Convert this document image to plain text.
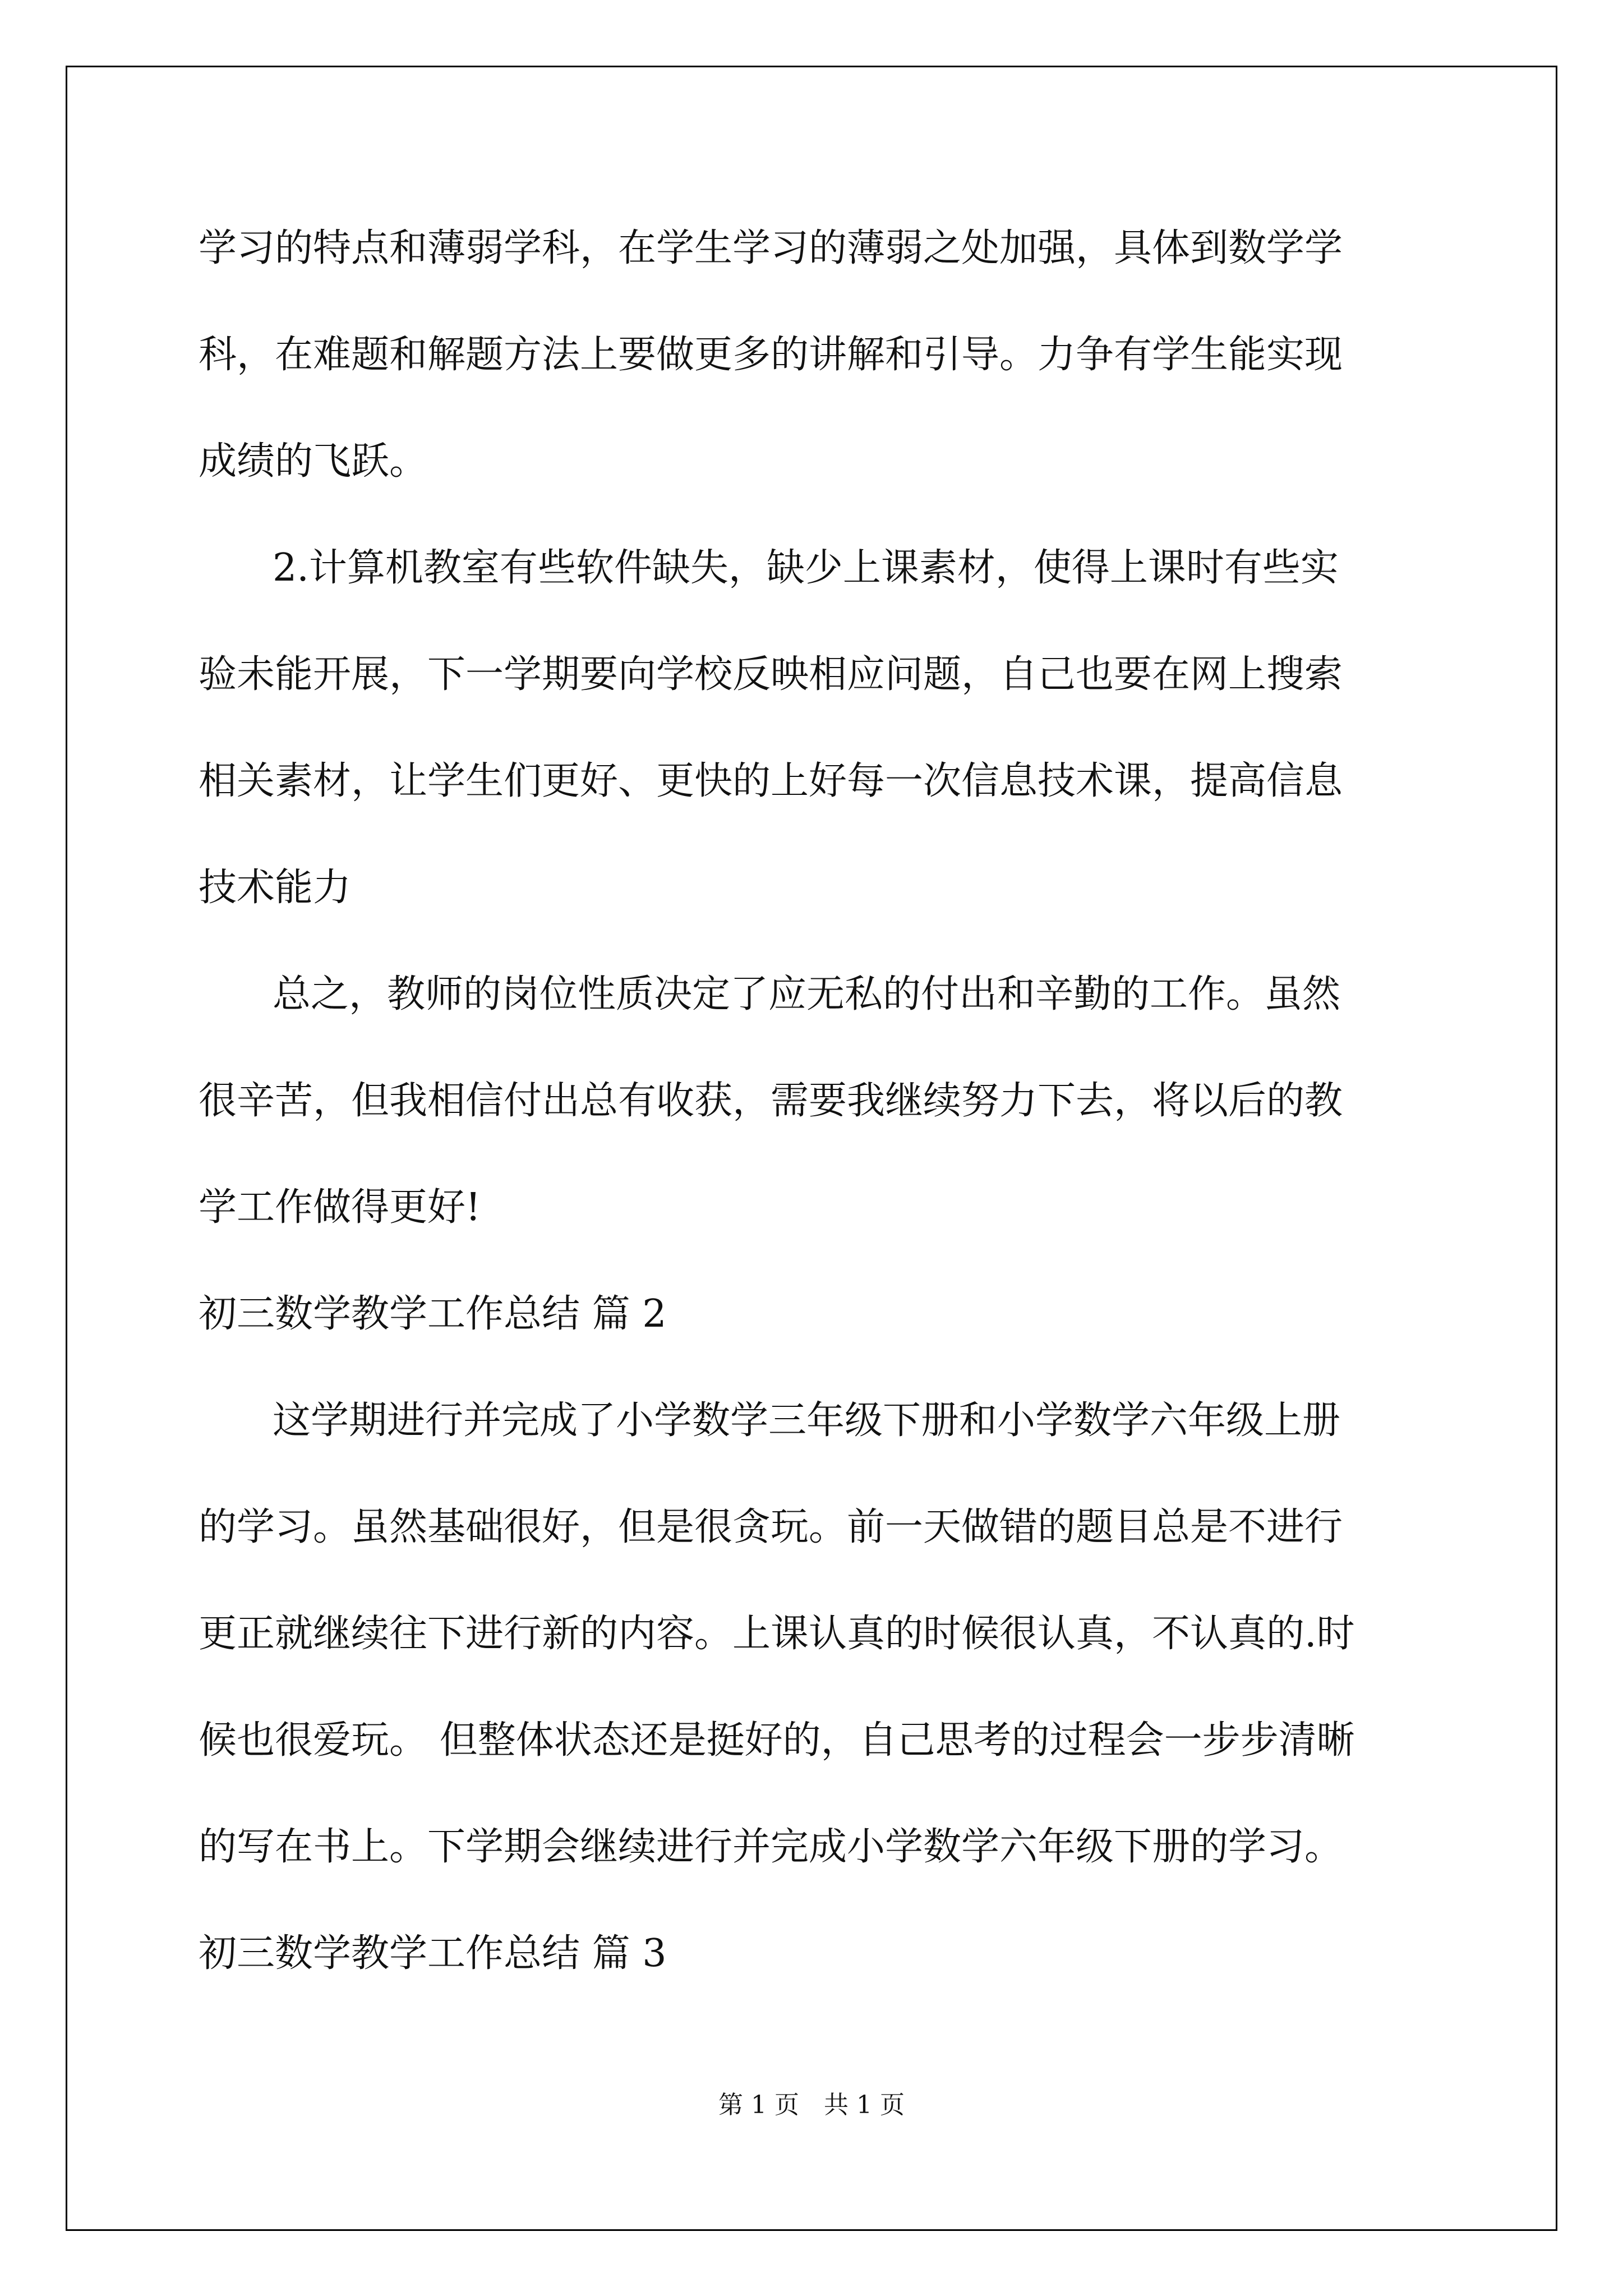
学习的特点和薄弱学科，在学生学习的薄弱之处加强，具体到数学学

科，在难题和解题方法上要做更多的讲解和引导。力争有学生能实现

成绩的飞跃。

2.计算机教室有些软件缺失，缺少上课素材，使得上课时有些实

验未能开展，下一学期要向学校反映相应问题，自己也要在网上搜索

相关素材，让学生们更好、更快的上好每一次信息技术课，提高信息

技术能力

总之，教师的岗位性质决定了应无私的付出和辛勤的工作。虽然

很辛苦，但我相信付出总有收获，需要我继续努力下去，将以后的教

学工作做得更好!

初三数学教学工作总结 篇 2

这学期进行并完成了小学数学三年级下册和小学数学六年级上册

的学习。虽然基础很好，但是很贪玩。前一天做错的题目总是不进行

更正就继续往下进行新的内容。上课认真的时候很认真，不认真的.时

候也很爱玩。 但整体状态还是挺好的，自己思考的过程会一步步清晰

的写在书上。下学期会继续进行并完成小学数学六年级下册的学习。

初三数学教学工作总结 篇 3

第 1 页　共 1 页
